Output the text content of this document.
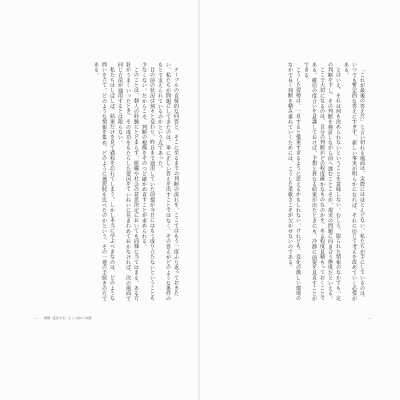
テーブルの直接的な回答と、そこに至るまでの判断の流れを、ここではもう一度ふり返っておきたい。私たちが問題にしてきたのは、単に正しい答えを出すことではなく、その答えがどのような条件のもとで支えられているのかという点であった。

目の前の状況は刻々と変わり、昨日まで通用していた前提が今日にはもう成り立たないということも少なくない。だからこそ、判断の根拠をそのつど確かめ直すことが求められる。

このことは、個人の経験にとどまらず、組織や社会の意思決定においても同様に当てはまる。ある方針がうまくいったとき、その成功をもたらした要因をていねいに見きわめておかなければ、次の場面で同じ方法が通用するとは限らない。

私たちはしばしば、結果だけを見て過程を忘れてしまう。しかし本当に学ぶべきなのは、どのような問いを立て、どのような情報を集め、どのように選択肢を比べたのかという、その一連の手続きの方である。

— 問題〈変化する〉そこへ向かう判断

「これが最後の答えだ」と言い切れる場面は、実際にはほとんどない。私たちが手にしているのは、いつでも暫定的な答えにすぎず、新しい事実が明らかになれば、それに応じて考えを改めていく必要がある。

とはいえ、それは何も決められないということを意味しない。むしろ、限られた情報のなかでも一定の判断を下し、その判断を検証しながら前へ進むことこそが、現実の問題に向き合う態度だといえる。

ここで大切になるのは、自分の判断がどの程度確かなものなのかを、ある程度見積もっておくことである。確信の度合いを意識しておけば、予想と異なる結果が出たときにも、冷静に前提を見直すことができる。

こうした姿勢は、一見すると慎重すぎるように思えるかもしれない。けれども、変化の激しい環境のなかで長く判断を積み重ねていくためには、こうした柔軟さこそが欠かせないのである。

—
